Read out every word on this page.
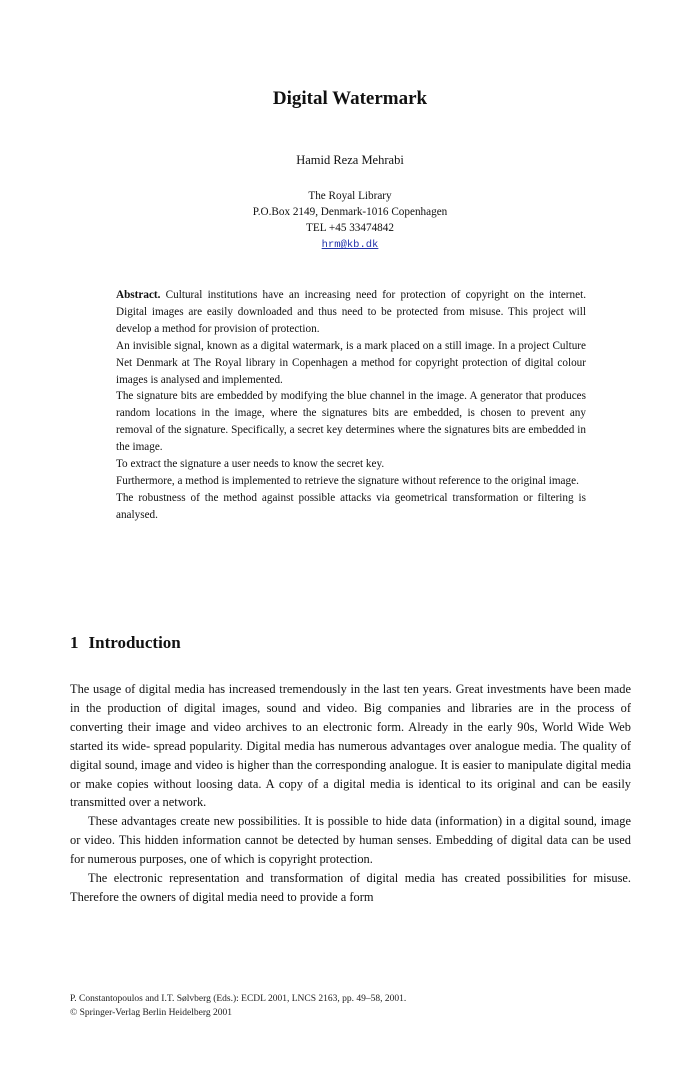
Digital Watermark
Hamid Reza Mehrabi
The Royal Library
P.O.Box 2149, Denmark-1016 Copenhagen
TEL +45 33474842
hrm@kb.dk

Abstract. Cultural institutions have an increasing need for protection of copyright on the internet. Digital images are easily downloaded and thus need to be protected from misuse. This project will develop a method for provision of protection.

An invisible signal, known as a digital watermark, is a mark placed on a still image. In a project Culture Net Denmark at The Royal library in Copenhagen a method for copyright protection of digital colour images is analysed and implemented.

The signature bits are embedded by modifying the blue channel in the image. A generator that produces random locations in the image, where the signatures bits are embedded, is chosen to prevent any removal of the signature. Specifically, a secret key determines where the signatures bits are embedded in the image.

To extract the signature a user needs to know the secret key.

Furthermore, a method is implemented to retrieve the signature without reference to the original image.

The robustness of the method against possible attacks via geometrical transformation or filtering is analysed.

1 Introduction

The usage of digital media has increased tremendously in the last ten years. Great investments have been made in the production of digital images, sound and video. Big companies and libraries are in the process of converting their image and video archives to an electronic form. Already in the early 90s, World Wide Web started its wide- spread popularity. Digital media has numerous advantages over analogue media. The quality of digital sound, image and video is higher than the corresponding analogue. It is easier to manipulate digital media or make copies without loosing data. A copy of a digital media is identical to its original and can be easily transmitted over a network.

These advantages create new possibilities. It is possible to hide data (information) in a digital sound, image or video. This hidden information cannot be detected by human senses. Embedding of digital data can be used for numerous purposes, one of which is copyright protection.

The electronic representation and transformation of digital media has created possibilities for misuse. Therefore the owners of digital media need to provide a form

P. Constantopoulos and I.T. Sølvberg (Eds.): ECDL 2001, LNCS 2163, pp. 49–58, 2001.
© Springer-Verlag Berlin Heidelberg 2001
